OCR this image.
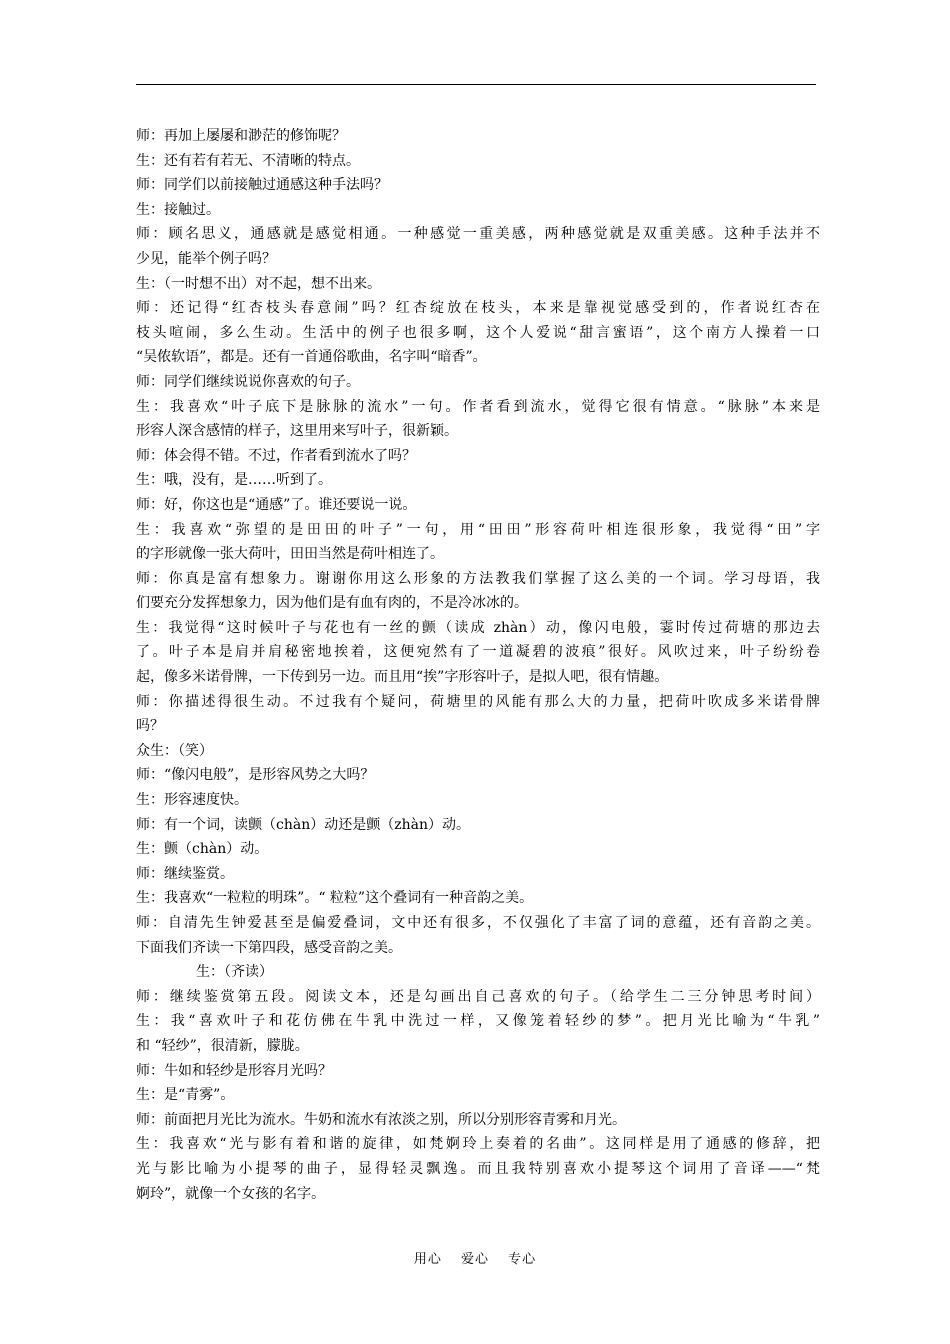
师：再加上屡屡和渺茫的修饰呢？
生：还有若有若无、不清晰的特点。
师：同学们以前接触过通感这种手法吗？
生：接触过。
师：顾名思义，通感就是感觉相通。一种感觉一重美感，两种感觉就是双重美感。这种手法并不
少见，能举个例子吗？
生：（一时想不出）对不起，想不出来。
师：还记得“红杏枝头春意闹”吗？红杏绽放在枝头，本来是靠视觉感受到的，作者说红杏在
枝头喧闹，多么生动。生活中的例子也很多啊，这个人爱说“甜言蜜语”，这个南方人操着一口
“吴侬软语”，都是。还有一首通俗歌曲，名字叫“暗香”。
师：同学们继续说说你喜欢的句子。
生：我喜欢“叶子底下是脉脉的流水”一句。作者看到流水，觉得它很有情意。“脉脉”本来是
形容人深含感情的样子，这里用来写叶子，很新颖。
师：体会得不错。不过，作者看到流水了吗？
生：哦，没有，是……听到了。
师：好，你这也是“通感”了。谁还要说一说。
生：我喜欢“弥望的是田田的叶子”一句，用“田田”形容荷叶相连很形象，我觉得“田”字
的字形就像一张大荷叶，田田当然是荷叶相连了。
师：你真是富有想象力。谢谢你用这么形象的方法教我们掌握了这么美的一个词。学习母语，我
们要充分发挥想象力，因为他们是有血有肉的，不是冷冰冰的。
生：我觉得“这时候叶子与花也有一丝的颤（读成 zhàn）动，像闪电般，霎时传过荷塘的那边去
了。叶子本是肩并肩秘密地挨着，这便宛然有了一道凝碧的波痕”很好。风吹过来，叶子纷纷卷
起，像多米诺骨牌，一下传到另一边。而且用“挨”字形容叶子，是拟人吧，很有情趣。
师：你描述得很生动。不过我有个疑问，荷塘里的风能有那么大的力量，把荷叶吹成多米诺骨牌
吗？
众生：（笑）
师：“像闪电般”，是形容风势之大吗？
生：形容速度快。
师：有一个词，读颤（chàn）动还是颤（zhàn）动。
生：颤（chàn）动。
师：继续鉴赏。
生：我喜欢“一粒粒的明珠”。“ 粒粒”这个叠词有一种音韵之美。
师：自清先生钟爱甚至是偏爱叠词，文中还有很多，不仅强化了丰富了词的意蕴，还有音韵之美。
下面我们齐读一下第四段，感受音韵之美。
生：（齐读）
师：继续鉴赏第五段。阅读文本，还是勾画出自己喜欢的句子。（给学生二三分钟思考时间）
生：我“喜欢叶子和花仿佛在牛乳中洗过一样，又像笼着轻纱的梦”。把月光比喻为“牛乳”
和 “轻纱”，很清新，朦胧。
师：牛如和轻纱是形容月光吗？
生：是“青雾”。
师：前面把月光比为流水。牛奶和流水有浓淡之别，所以分别形容青雾和月光。
生：我喜欢“光与影有着和谐的旋律，如梵婀玲上奏着的名曲”。这同样是用了通感的修辞，把
光与影比喻为小提琴的曲子，显得轻灵飘逸。而且我特别喜欢小提琴这个词用了音译——“梵
婀玲”，就像一个女孩的名字。
用心 爱心 专心
